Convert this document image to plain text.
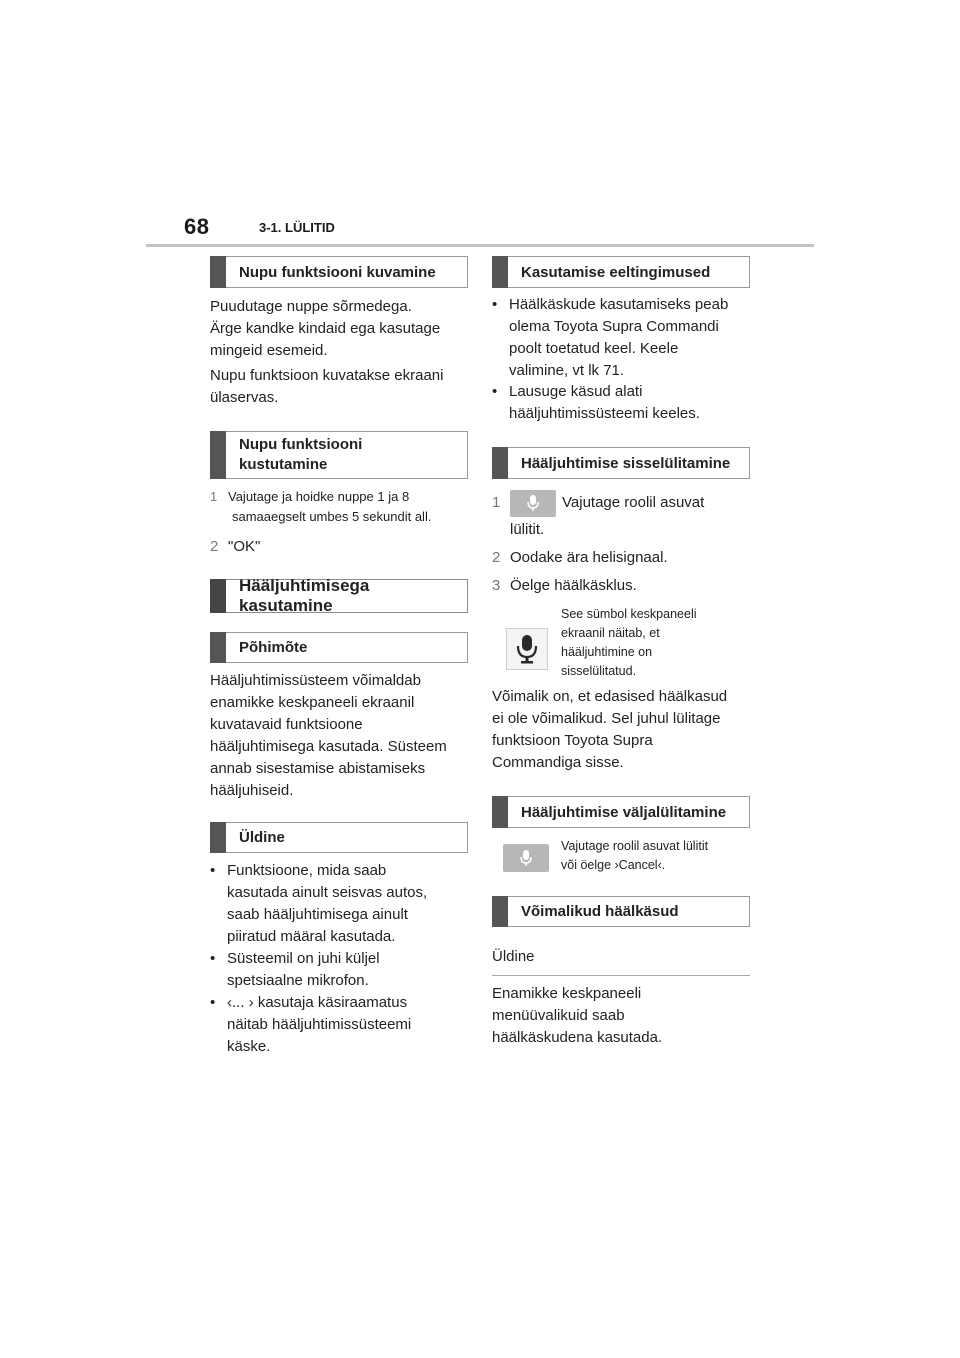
68	3-1. LÜLITID
Nupu funktsiooni kuvamine
Puudutage nuppe sõrmedega.
Ärge kandke kindaid ega kasutage
mingeid esemeid.
Nupu funktsioon kuvatakse ekraani
ülaservas.
Nupu funktsiooni
kustutamine
1 Vajutage ja hoidke nuppe 1 ja 8
samaaegselt umbes 5 sekundit all.
2 "OK"
Hääljuhtimisega kasutamine
Põhimõte
Hääljuhtimissüsteem võimaldab
enamikke keskpaneeli ekraanil
kuvatavaid funktsioone
hääljuhtimisega kasutada. Süsteem
annab sisestamise abistamiseks
hääljuhiseid.
Üldine
• Funktsioone, mida saab
kasutada ainult seisvas autos,
saab hääljuhtimisega ainult
piiratud määral kasutada.
• Süsteemil on juhi küljel
spetsiaalne mikrofon.
• ‹... › kasutaja käsiraamatus
näitab hääljuhtimissüsteemi
käske.
Kasutamise eeltingimused
• Häälkäskude kasutamiseks peab
olema Toyota Supra Commandi
poolt toetatud keel. Keele
valimine, vt lk 71.
• Lausuge käsud alati
hääljuhtimissüsteemi keeles.
Hääljuhtimise sisselülitamine
1	Vajutage roolil asuvat
lülitit.
2 Oodake ära helisignaal.
3 Öelge häälkäsklus.
See sümbol keskpaneeli
ekraanil näitab, et
hääljuhtimine on
sisselülitatud.
Võimalik on, et edasised häälkasud
ei ole võimalikud. Sel juhul lülitage
funktsioon Toyota Supra
Commandiga sisse.
Hääljuhtimise väljalülitamine
Vajutage roolil asuvat lülitit
või öelge ›Cancel‹.
Võimalikud häälkäsud
Üldine
Enamikke keskpaneeli
menüüvalikuid saab
häälkäskudena kasutada.
